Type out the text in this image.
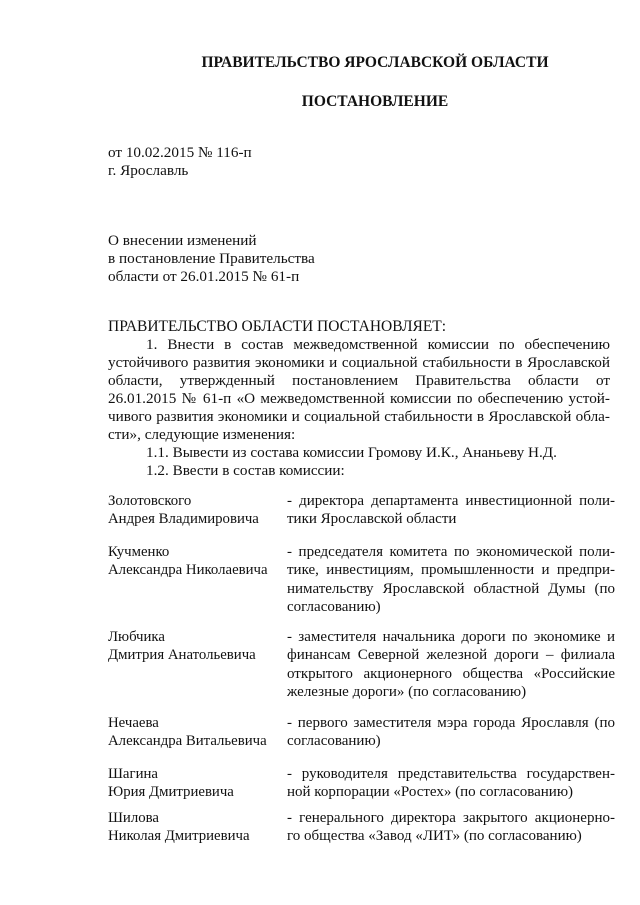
ПРАВИТЕЛЬСТВО ЯРОСЛАВСКОЙ ОБЛАСТИ
ПОСТАНОВЛЕНИЕ
от 10.02.2015 № 116-п
г. Ярославль
О внесении изменений
в постановление Правительства
области от 26.01.2015 № 61-п
ПРАВИТЕЛЬСТВО ОБЛАСТИ ПОСТАНОВЛЯЕТ:
1. Внести в состав межведомственной комиссии по обеспечению
устойчивого развития экономики и социальной стабильности в Ярославской
области, утвержденный постановлением Правительства области от
26.01.2015 № 61-п «О межведомственной комиссии по обеспечению устой-
чивого развития экономики и социальной стабильности в Ярославской обла-
сти», следующие изменения:
1.1. Вывести из состава комиссии Громову И.К., Ананьеву Н.Д.
1.2. Ввести в состав комиссии:
Золотовского
Андрея Владимировича
- директора департамента инвестиционной поли-
тики Ярославской области
Кучменко
Александра Николаевича
- председателя комитета по экономической поли-
тике, инвестициям, промышленности и предпри-
нимательству Ярославской областной Думы (по
согласованию)
Любчика
Дмитрия Анатольевича
- заместителя начальника дороги по экономике и
финансам Северной железной дороги – филиала
открытого акционерного общества «Российские
железные дороги» (по согласованию)
Нечаева
Александра Витальевича
- первого заместителя мэра города Ярославля (по
согласованию)
Шагина
Юрия Дмитриевича
- руководителя представительства государствен-
ной корпорации «Ростех» (по согласованию)
Шилова
Николая Дмитриевича
- генерального директора закрытого акционерно-
го общества «Завод «ЛИТ» (по согласованию)
